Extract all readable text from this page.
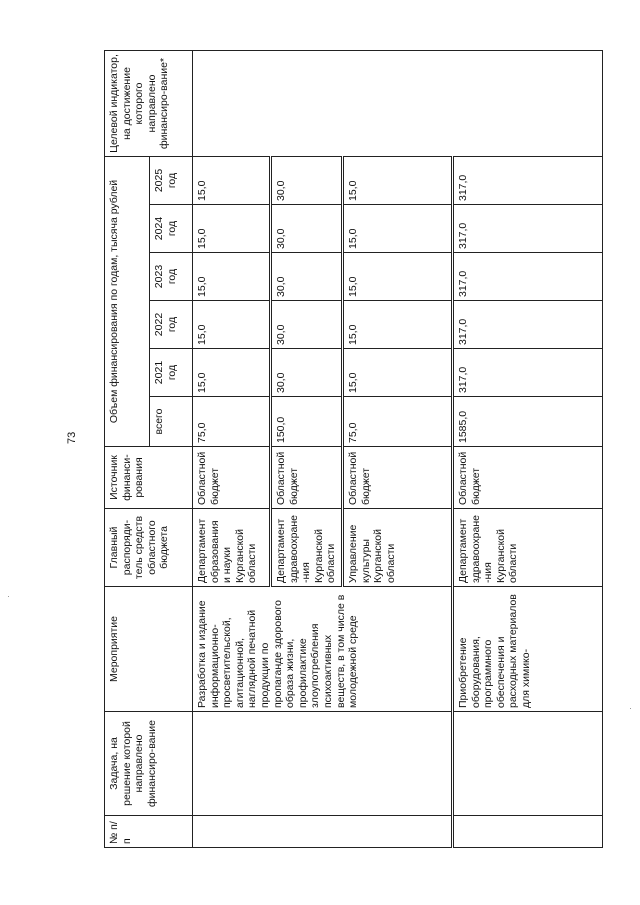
73
№ п/п	Задача, на решение которой направлено финансиро-вание	Мероприятие	Главный распоряди-тель средств областного бюджета	Источник финанси-рования	Объем финансирования по годам, тысяча рублей						Целевой индикатор, на достижение которого направлено финансиро-вание*
					всего	2021 год	2022 год	2023 год	2024 год	2025 год	
		Разработка и издание информационно-просветительской, агитационной, наглядной печатной продукции по пропаганде здорового образа жизни, профилактике злоупотребления психоактивных веществ, в том числе в молодежной среде	Департамент образования и науки Курганской области	Областной бюджет	75,0	15,0	15,0	15,0	15,0	15,0	
			Департамент здравоохране-ния Курганской области	Областной бюджет	150,0	30,0	30,0	30,0	30,0	30,0	
			Управление культуры Курганской области	Областной бюджет	75,0	15,0	15,0	15,0	15,0	15,0	
		Приобретение оборудования, программного обеспечения и расходных материалов для химико-	Департамент здравоохране-ния Курганской области	Областной бюджет	1585,0	317,0	317,0	317,0	317,0	317,0	
